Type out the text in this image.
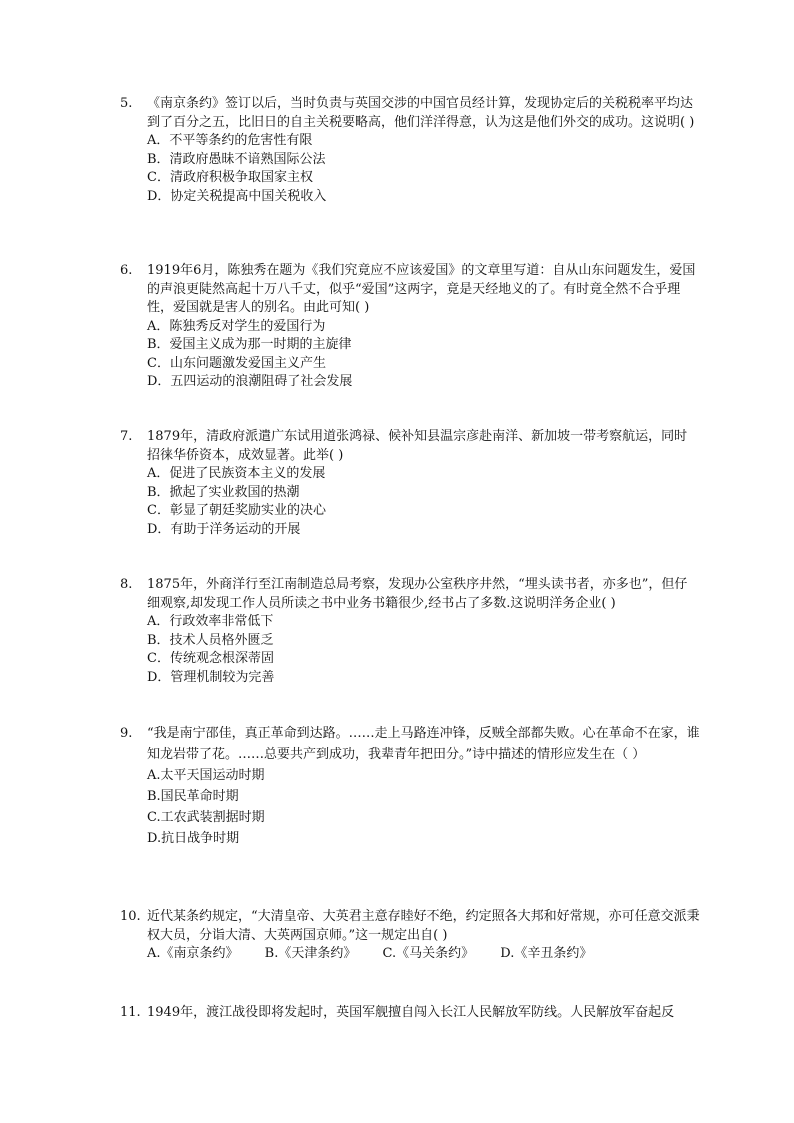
5. 《南京条约》签订以后，当时负责与英国交涉的中国官员经计算，发现协定后的关税税率平均达到了百分之五，比旧日的自主关税要略高，他们洋洋得意，认为这是他们外交的成功。这说明( )
A．不平等条约的危害性有限
B．清政府愚昧不谙熟国际公法
C．清政府积极争取国家主权
D．协定关税提高中国关税收入
6. 1919年6月，陈独秀在题为《我们究竟应不应该爱国》的文章里写道：自从山东问题发生，爱国的声浪更陡然高起十万八千丈，似乎“爱国”这两字，竟是天经地义的了。有时竟全然不合乎理性，爱国就是害人的别名。由此可知( )
A．陈独秀反对学生的爱国行为
B．爱国主义成为那一时期的主旋律
C．山东问题激发爱国主义产生
D．五四运动的浪潮阻碍了社会发展
7. 1879年，清政府派遣广东试用道张鸿禄、候补知县温宗彦赴南洋、新加坡一带考察航运，同时招徕华侨资本，成效显著。此举( )
A．促进了民族资本主义的发展
B．掀起了实业救国的热潮
C．彰显了朝廷奖励实业的决心
D．有助于洋务运动的开展
8. 1875年，外商洋行至江南制造总局考察，发现办公室秩序井然，“埋头读书者，亦多也”，但仔细观察,却发现工作人员所读之书中业务书籍很少,经书占了多数.这说明洋务企业( )
A．行政效率非常低下
B．技术人员格外匮乏
C．传统观念根深蒂固
D．管理机制较为完善
9. “我是南宁邵佳，真正革命到达路。……走上马路连冲锋，反贼全部都失败。心在革命不在家，谁知龙岩带了花。……总要共产到成功，我辈青年把田分。”诗中描述的情形应发生在（ ）
A.太平天国运动时期
B.国民革命时期
C.工农武装割据时期
D.抗日战争时期
10. 近代某条约规定，“大清皇帝、大英君主意存睦好不绝，约定照各大邦和好常规，亦可任意交派秉权大员，分诣大清、大英两国京师。”这一规定出自( )
A.《南京条约》 B.《天津条约》 C.《马关条约》 D.《辛丑条约》
11. 1949年，渡江战役即将发起时，英国军舰擅自闯入长江人民解放军防线。人民解放军奋起反
